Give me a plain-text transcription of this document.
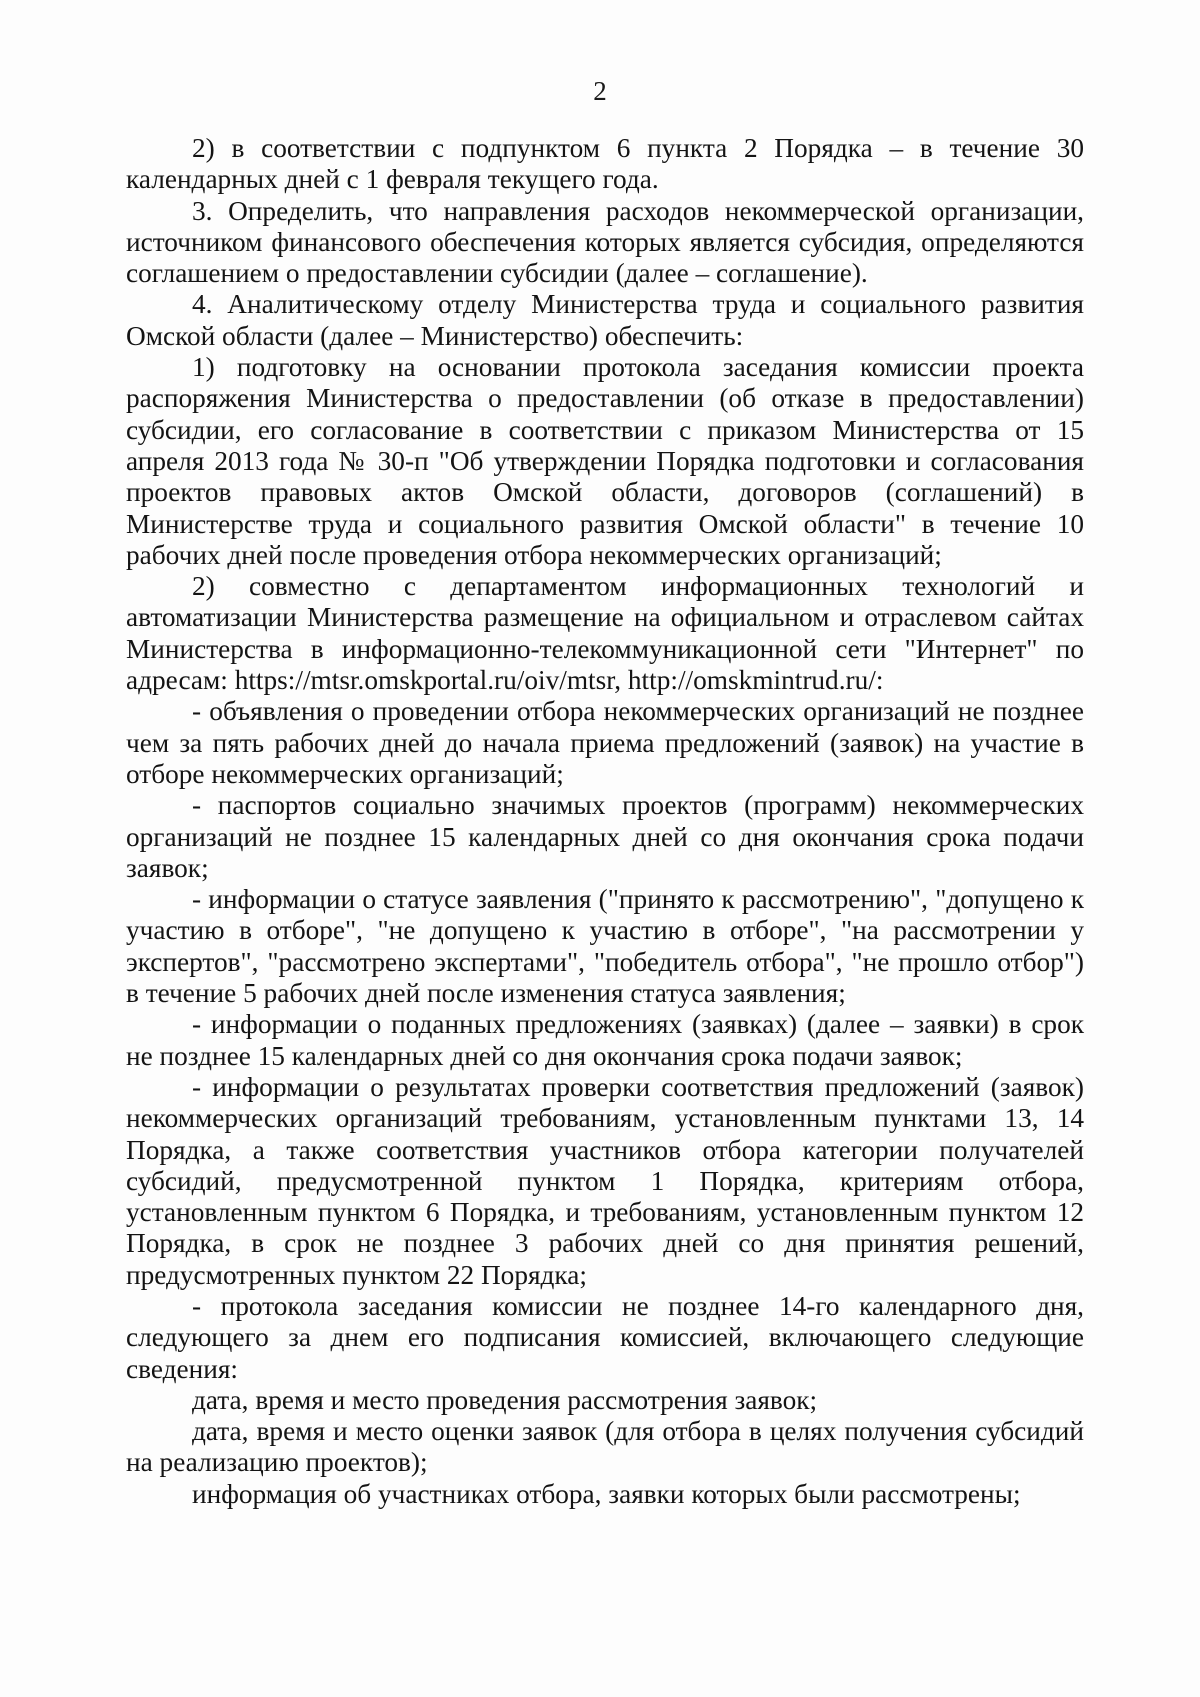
2

2) в соответствии с подпунктом 6 пункта 2 Порядка – в течение 30 календарных дней с 1 февраля текущего года.

3. Определить, что направления расходов некоммерческой организации, источником финансового обеспечения которых является субсидия, определяются соглашением о предоставлении субсидии (далее – соглашение).

4. Аналитическому отделу Министерства труда и социального развития Омской области (далее – Министерство) обеспечить:

1) подготовку на основании протокола заседания комиссии проекта распоряжения Министерства о предоставлении (об отказе в предоставлении) субсидии, его согласование в соответствии с приказом Министерства от 15 апреля 2013 года № 30-п "Об утверждении Порядка подготовки и согласования проектов правовых актов Омской области, договоров (соглашений) в Министерстве труда и социального развития Омской области" в течение 10 рабочих дней после проведения отбора некоммерческих организаций;

2) совместно с департаментом информационных технологий и автоматизации Министерства размещение на официальном и отраслевом сайтах Министерства в информационно-телекоммуникационной сети "Интернет" по адресам: https://mtsr.omskportal.ru/oiv/mtsr, http://omskmintrud.ru/:

- объявления о проведении отбора некоммерческих организаций не позднее чем за пять рабочих дней до начала приема предложений (заявок) на участие в отборе некоммерческих организаций;

- паспортов социально значимых проектов (программ) некоммерческих организаций не позднее 15 календарных дней со дня окончания срока подачи заявок;

- информации о статусе заявления ("принято к рассмотрению", "допущено к участию в отборе", "не допущено к участию в отборе", "на рассмотрении у экспертов", "рассмотрено экспертами", "победитель отбора", "не прошло отбор") в течение 5 рабочих дней после изменения статуса заявления;

- информации о поданных предложениях (заявках) (далее – заявки) в срок не позднее 15 календарных дней со дня окончания срока подачи заявок;

- информации о результатах проверки соответствия предложений (заявок) некоммерческих организаций требованиям, установленным пунктами 13, 14 Порядка, а также соответствия участников отбора категории получателей субсидий, предусмотренной пунктом 1 Порядка, критериям отбора, установленным пунктом 6 Порядка, и требованиям, установленным пунктом 12 Порядка, в срок не позднее 3 рабочих дней со дня принятия решений, предусмотренных пунктом 22 Порядка;

- протокола заседания комиссии не позднее 14-го календарного дня, следующего за днем его подписания комиссией, включающего следующие сведения:

дата, время и место проведения рассмотрения заявок;

дата, время и место оценки заявок (для отбора в целях получения субсидий на реализацию проектов);

информация об участниках отбора, заявки которых были рассмотрены;
